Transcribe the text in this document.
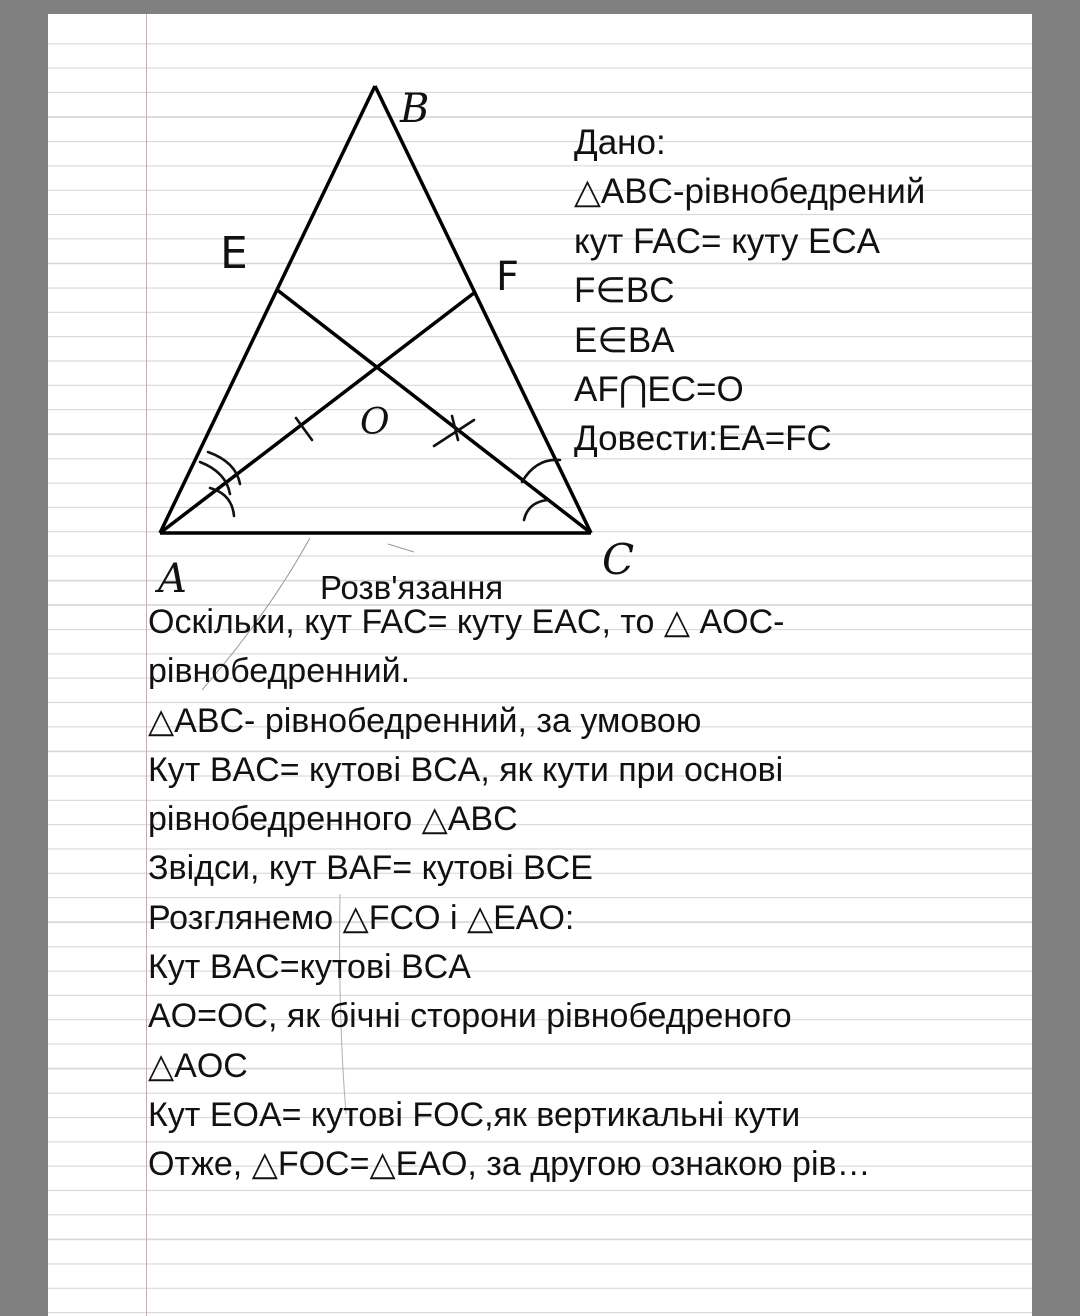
B
E	F
A
O
C
Дано:
△ABC-рівнобедрений
кут FAC= куту ECA
F∈BC
E∈BA
AF⋂EC=O
Довести:EA=FC
Розв'язання
Оскільки, кут FAC= куту EAC, то △ AOC-
рівнобедренний.
△ABC- рівнобедренний, за умовою
Кут BAC= кутові BCA, як кути при основі
рівнобедренного △ABC
Звідси, кут BAF= кутові BCE
Розглянемо △FCO і △EAO:
Кут BAC=кутові BCA
AO=OC, як бічні сторони рівнобедреного
△AOC
Кут EOA= кутові FOC,як вертикальні кути
Отже, △FOC=△EAO, за другою ознакою рів…
